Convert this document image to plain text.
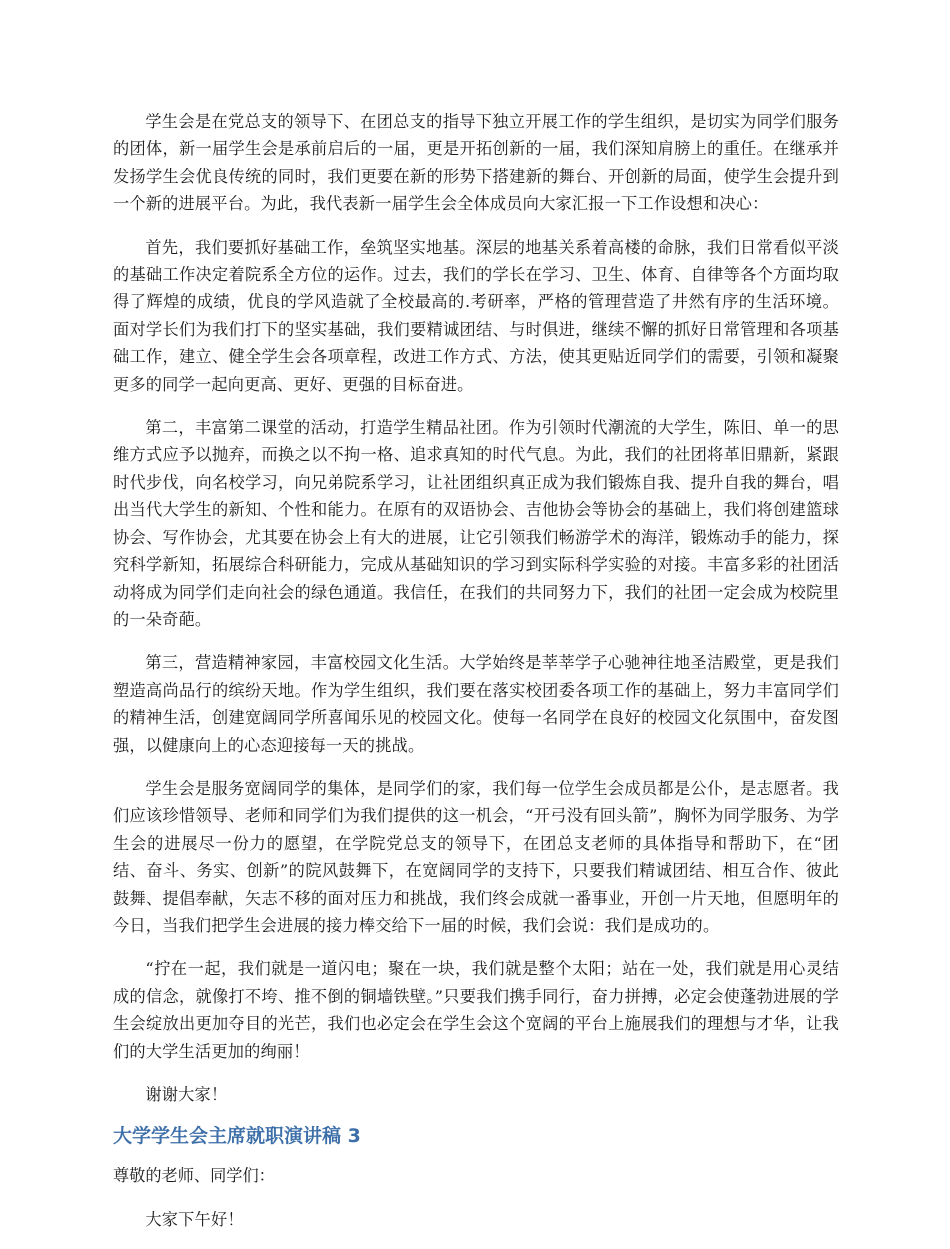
学生会是在党总支的领导下、在团总支的指导下独立开展工作的学生组织，是切实为同学们服务的团体，新一届学生会是承前启后的一届，更是开拓创新的一届，我们深知肩膀上的重任。在继承并发扬学生会优良传统的同时，我们更要在新的形势下搭建新的舞台、开创新的局面，使学生会提升到一个新的进展平台。为此，我代表新一届学生会全体成员向大家汇报一下工作设想和决心：

首先，我们要抓好基础工作，垒筑坚实地基。深层的地基关系着高楼的命脉，我们日常看似平淡的基础工作决定着院系全方位的运作。过去，我们的学长在学习、卫生、体育、自律等各个方面均取得了辉煌的成绩，优良的学风造就了全校最高的.考研率，严格的管理营造了井然有序的生活环境。面对学长们为我们打下的坚实基础，我们要精诚团结、与时俱进，继续不懈的抓好日常管理和各项基础工作，建立、健全学生会各项章程，改进工作方式、方法，使其更贴近同学们的需要，引领和凝聚更多的同学一起向更高、更好、更强的目标奋进。

第二，丰富第二课堂的活动，打造学生精品社团。作为引领时代潮流的大学生，陈旧、单一的思维方式应予以抛弃，而换之以不拘一格、追求真知的时代气息。为此，我们的社团将革旧鼎新，紧跟时代步伐，向名校学习，向兄弟院系学习，让社团组织真正成为我们锻炼自我、提升自我的舞台，唱出当代大学生的新知、个性和能力。在原有的双语协会、吉他协会等协会的基础上，我们将创建篮球协会、写作协会，尤其要在协会上有大的进展，让它引领我们畅游学术的海洋，锻炼动手的能力，探究科学新知，拓展综合科研能力，完成从基础知识的学习到实际科学实验的对接。丰富多彩的社团活动将成为同学们走向社会的绿色通道。我信任，在我们的共同努力下，我们的社团一定会成为校院里的一朵奇葩。

第三，营造精神家园，丰富校园文化生活。大学始终是莘莘学子心驰神往地圣洁殿堂，更是我们塑造高尚品行的缤纷天地。作为学生组织，我们要在落实校团委各项工作的基础上，努力丰富同学们的精神生活，创建宽阔同学所喜闻乐见的校园文化。使每一名同学在良好的校园文化氛围中，奋发图强，以健康向上的心态迎接每一天的挑战。

学生会是服务宽阔同学的集体，是同学们的家，我们每一位学生会成员都是公仆，是志愿者。我们应该珍惜领导、老师和同学们为我们提供的这一机会，“开弓没有回头箭”，胸怀为同学服务、为学生会的进展尽一份力的愿望，在学院党总支的领导下，在团总支老师的具体指导和帮助下，在“团结、奋斗、务实、创新”的院风鼓舞下，在宽阔同学的支持下，只要我们精诚团结、相互合作、彼此鼓舞、提倡奉献，矢志不移的面对压力和挑战，我们终会成就一番事业，开创一片天地，但愿明年的今日，当我们把学生会进展的接力棒交给下一届的时候，我们会说：我们是成功的。

“拧在一起，我们就是一道闪电；聚在一块，我们就是整个太阳；站在一处，我们就是用心灵结成的信念，就像打不垮、推不倒的铜墙铁壁。”只要我们携手同行，奋力拼搏，必定会使蓬勃进展的学生会绽放出更加夺目的光芒，我们也必定会在学生会这个宽阔的平台上施展我们的理想与才华，让我们的大学生活更加的绚丽！

谢谢大家！

大学学生会主席就职演讲稿 3

尊敬的老师、同学们：

大家下午好！
